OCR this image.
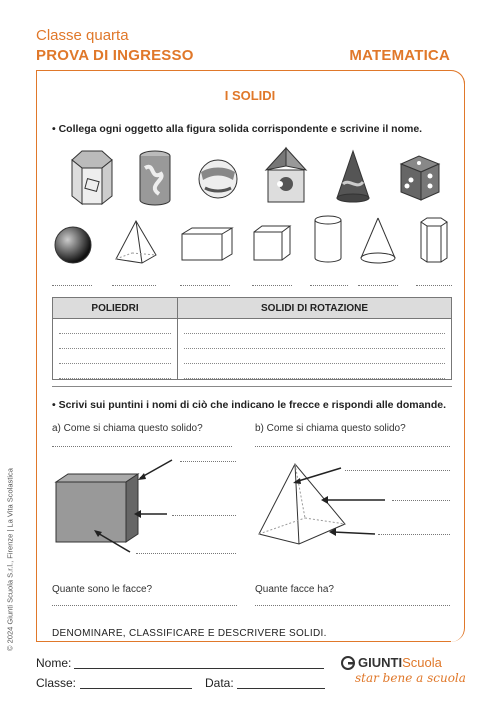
Classe quarta
PROVA DI INGRESSO	MATEMATICA
I SOLIDI
• Collega ogni oggetto alla figura solida corrispondente e scrivine il nome.
POLIEDRI	SOLIDI DI ROTAZIONE

• Scrivi sui puntini i nomi di ciò che indicano le frecce e rispondi alle domande.
a) Come si chiama questo solido?	b) Come si chiama questo solido?
Quante sono le facce?	Quante facce ha?
DENOMINARE, CLASSIFICARE E DESCRIVERE SOLIDI.
© 2024 Giunti Scuola S.r.l., Firenze | La Vita Scolastica
Nome:
Classe:	Data:
GIUNTIScuola
star bene a scuola
